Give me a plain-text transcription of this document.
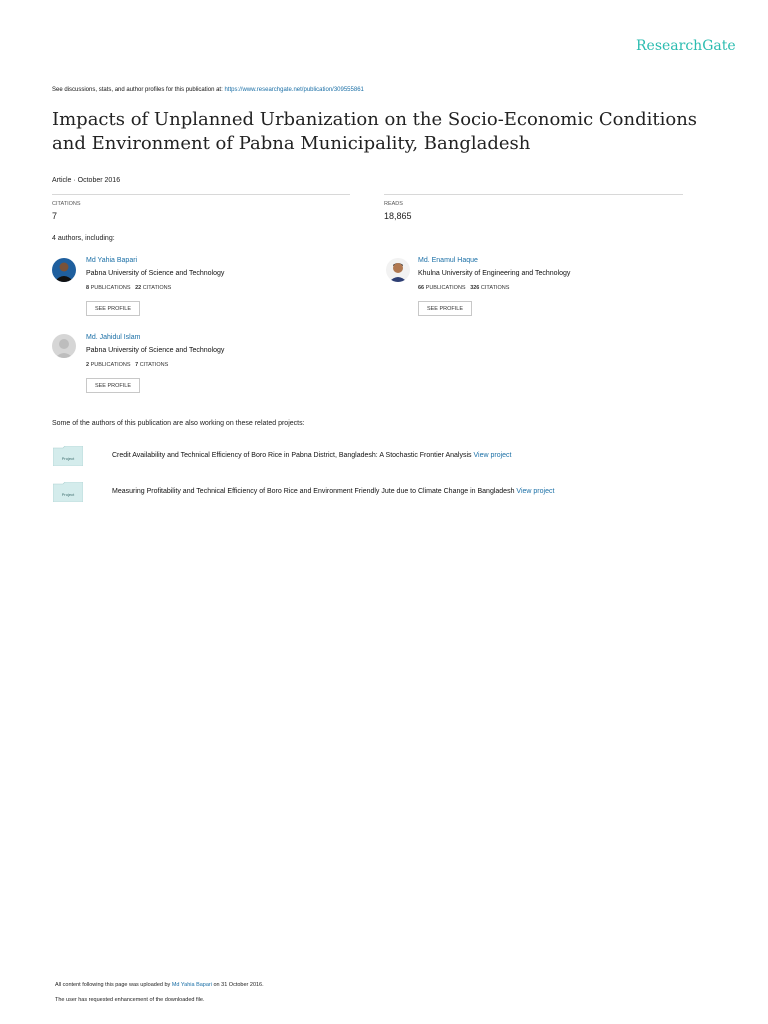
ResearchGate
See discussions, stats, and author profiles for this publication at: https://www.researchgate.net/publication/309555861
Impacts of Unplanned Urbanization on the Socio-Economic Conditions and Environment of Pabna Municipality, Bangladesh
Article · October 2016
CITATIONS
7
READS
18,865
4 authors, including:
Md Yahia Bapari
Pabna University of Science and Technology
8 PUBLICATIONS 22 CITATIONS
SEE PROFILE
Md. Enamul Haque
Khulna University of Engineering and Technology
66 PUBLICATIONS 326 CITATIONS
SEE PROFILE
Md. Jahidul Islam
Pabna University of Science and Technology
2 PUBLICATIONS 7 CITATIONS
SEE PROFILE
Some of the authors of this publication are also working on these related projects:
Project	Credit Availability and Technical Efficiency of Boro Rice in Pabna District, Bangladesh: A Stochastic Frontier Analysis View project
Project	Measuring Profitability and Technical Efficiency of Boro Rice and Environment Friendly Jute due to Climate Change in Bangladesh View project
All content following this page was uploaded by Md Yahia Bapari on 31 October 2016.
The user has requested enhancement of the downloaded file.
